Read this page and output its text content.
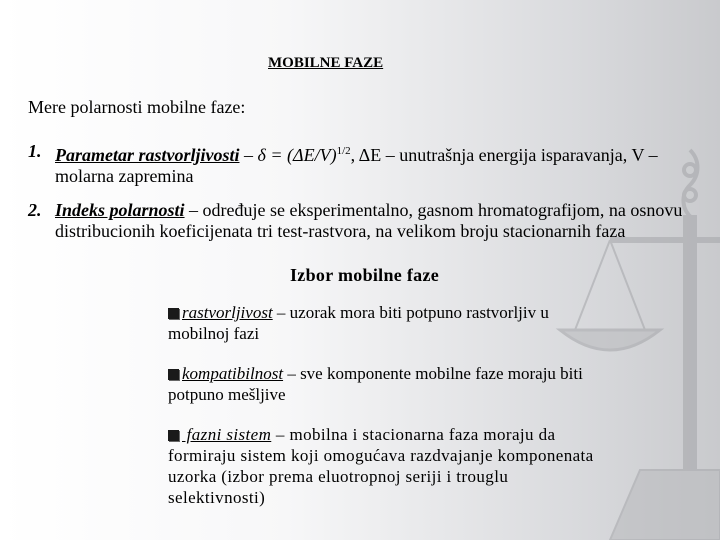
MOBILNE FAZE
Mere polarnosti mobilne faze:
1. Parametar rastvorljivosti – $\delta = (\Delta E/V)^{1/2}$, ΔE – unutrašnja energija isparavanja, V – molarna zapremina
2. Indeks polarnosti – određuje se eksperimentalno, gasnom hromatografijom, na osnovu distribucionih koeficijenata tri test-rastvora, na velikom broju stacionarnih faza
Izbor mobilne faze
rastvorljivost – uzorak mora biti potpuno rastvorljiv u mobilnoj fazi
kompatibilnost – sve komponente mobilne faze moraju biti potpuno mešljive
fazni sistem – mobilna i stacionarna faza moraju da formiraju sistem koji omogućava razdvajanje komponenata uzorka (izbor prema eluotropnoj seriji i trouglu selektivnosti)
